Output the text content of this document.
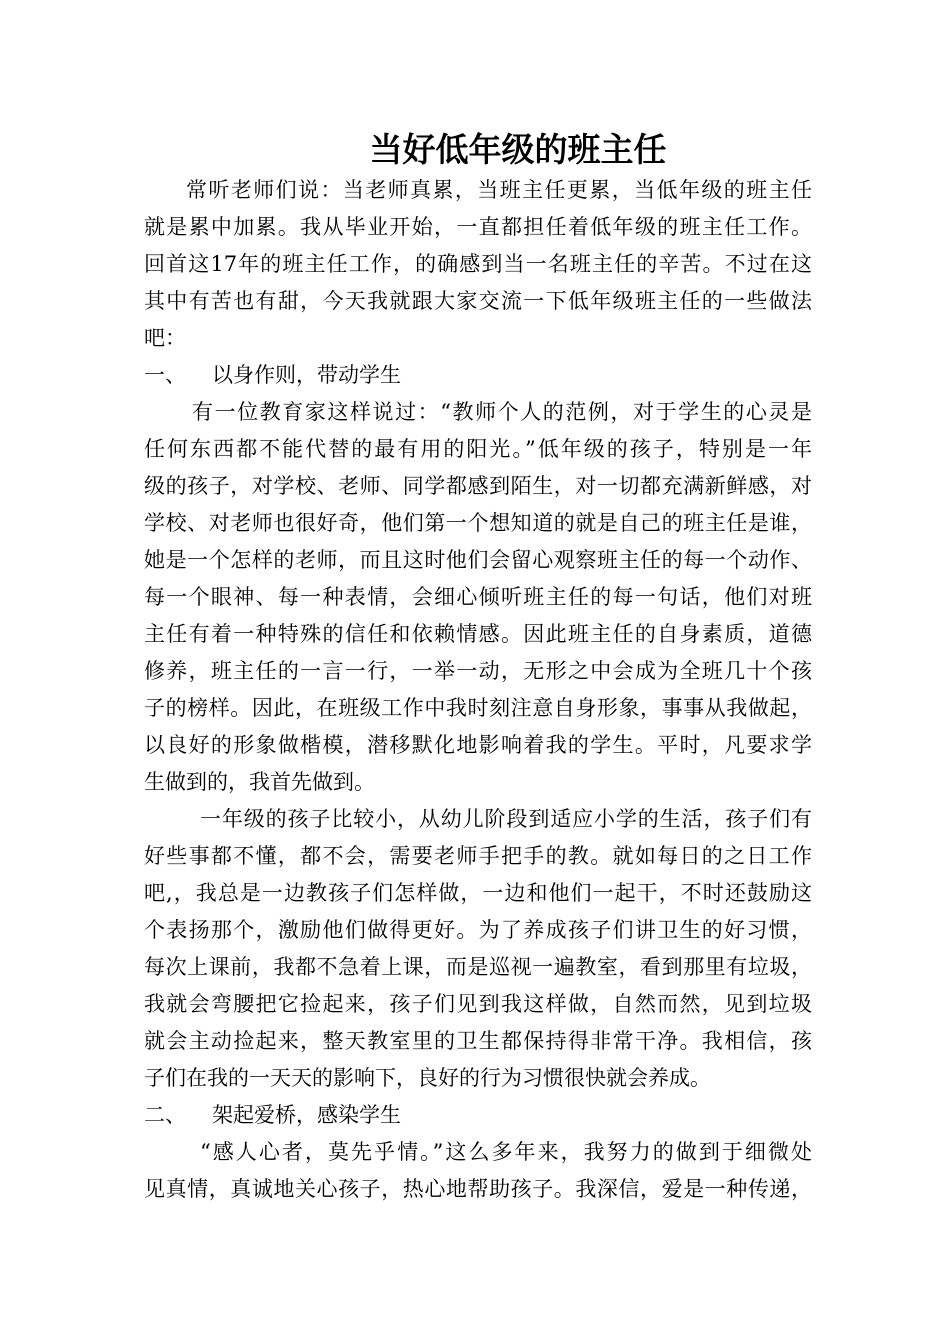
当好低年级的班主任
常听老师们说：当老师真累，当班主任更累，当低年级的班主任
就是累中加累。我从毕业开始，一直都担任着低年级的班主任工作。
回首这17年的班主任工作，的确感到当一名班主任的辛苦。不过在这
其中有苦也有甜，今天我就跟大家交流一下低年级班主任的一些做法
吧：
一、 以身作则，带动学生
有一位教育家这样说过：“教师个人的范例，对于学生的心灵是
任何东西都不能代替的最有用的阳光。”低年级的孩子，特别是一年
级的孩子，对学校、老师、同学都感到陌生，对一切都充满新鲜感，对
学校、对老师也很好奇，他们第一个想知道的就是自己的班主任是谁，
她是一个怎样的老师，而且这时他们会留心观察班主任的每一个动作、
每一个眼神、每一种表情，会细心倾听班主任的每一句话，他们对班
主任有着一种特殊的信任和依赖情感。因此班主任的自身素质，道德
修养，班主任的一言一行，一举一动，无形之中会成为全班几十个孩
子的榜样。因此，在班级工作中我时刻注意自身形象，事事从我做起，
以良好的形象做楷模，潜移默化地影响着我的学生。平时，凡要求学
生做到的，我首先做到。
一年级的孩子比较小，从幼儿阶段到适应小学的生活，孩子们有
好些事都不懂，都不会，需要老师手把手的教。就如每日的之日工作
吧,，我总是一边教孩子们怎样做，一边和他们一起干，不时还鼓励这
个表扬那个，激励他们做得更好。为了养成孩子们讲卫生的好习惯，
每次上课前，我都不急着上课，而是巡视一遍教室，看到那里有垃圾，
我就会弯腰把它捡起来，孩子们见到我这样做，自然而然，见到垃圾
就会主动捡起来，整天教室里的卫生都保持得非常干净。我相信，孩
子们在我的一天天的影响下，良好的行为习惯很快就会养成。
二、 架起爱桥，感染学生
“感人心者，莫先乎情。”这么多年来，我努力的做到于细微处
见真情，真诚地关心孩子，热心地帮助孩子。我深信，爱是一种传递，
